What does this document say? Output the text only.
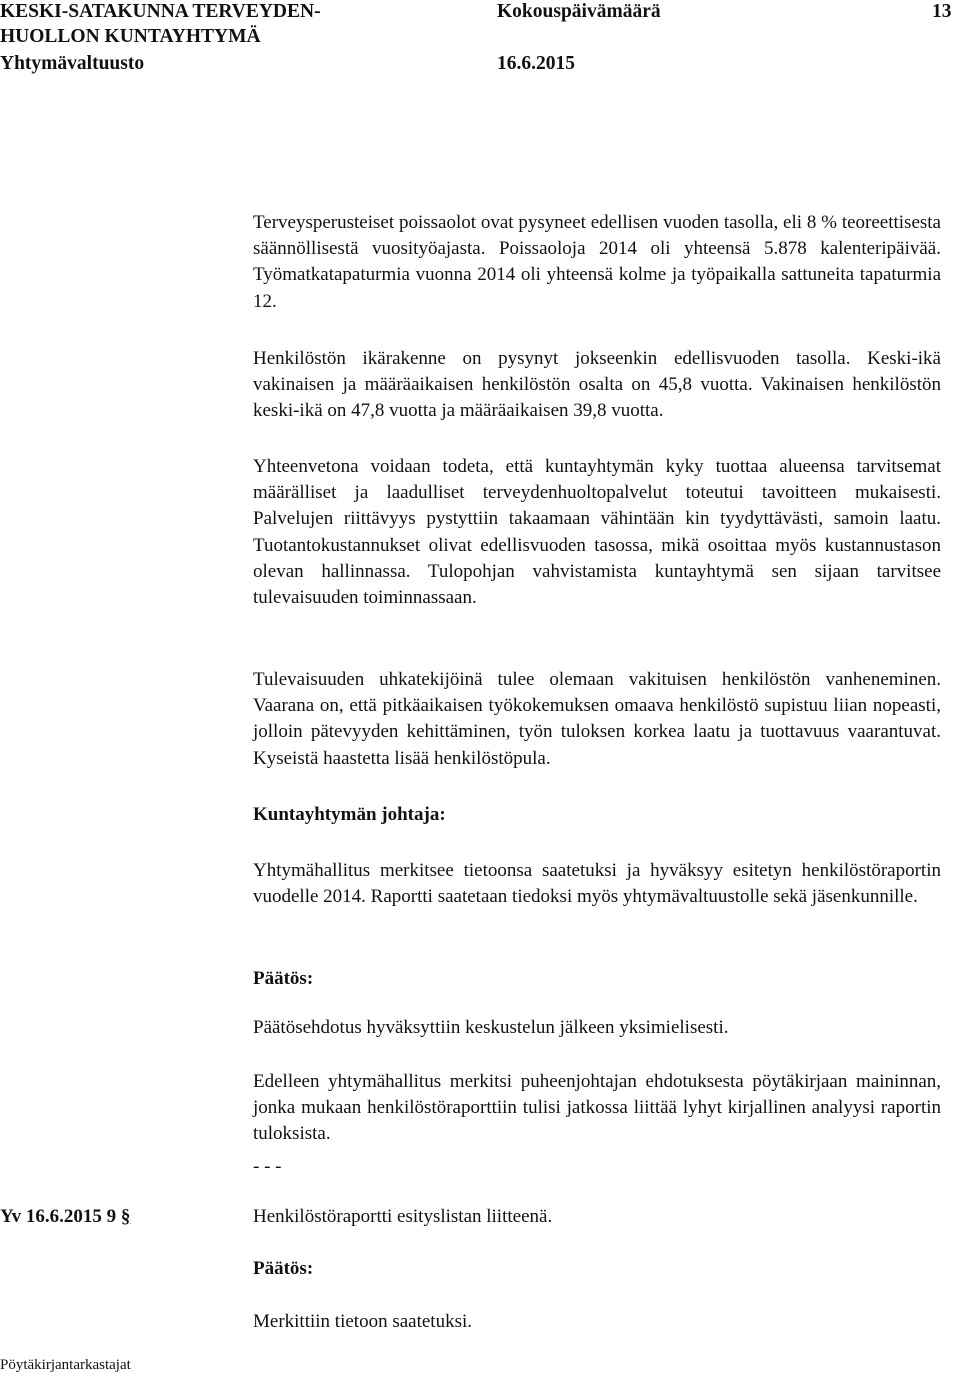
KESKI-SATAKUNNA TERVEYDEN-
HUOLLON KUNTAYHTYMÄ
Yhtymävaltuusto
Kokouspäivämäärä
16.6.2015
13
Terveysperusteiset poissaolot ovat pysyneet edellisen vuoden tasolla, eli 8 % teoreettisesta säännöllisestä vuosityöajasta. Poissaoloja 2014 oli yhteensä 5.878 kalenteripäivää. Työmatkatapaturmia vuonna 2014 oli yhteensä kolme ja työpaikalla sattuneita tapaturmia 12.
Henkilöstön ikärakenne on pysynyt jokseenkin edellisvuoden tasolla. Keski-ikä vakinaisen ja määräaikaisen henkilöstön osalta on 45,8 vuotta. Vakinaisen henkilöstön keski-ikä on 47,8 vuotta ja määräaikaisen 39,8 vuotta.
Yhteenvetona voidaan todeta, että kuntayhtymän kyky tuottaa alueensa tarvitsemat määrälliset ja laadulliset terveydenhuoltopalvelut toteutui tavoitteen mukaisesti. Palvelujen riittävyys pystyttiin takaamaan vähintään kin tyydyttävästi, samoin laatu. Tuotantokustannukset olivat edellisvuoden tasossa, mikä osoittaa myös kustannustason olevan hallinnassa. Tulopohjan vahvistamista kuntayhtymä sen sijaan tarvitsee tulevaisuuden toiminnassaan.
Tulevaisuuden uhkatekijöinä tulee olemaan vakituisen henkilöstön vanheneminen. Vaarana on, että pitkäaikaisen työkokemuksen omaava henkilöstö supistuu liian nopeasti, jolloin pätevyyden kehittäminen, työn tuloksen korkea laatu ja tuottavuus vaarantuvat. Kyseistä haastetta lisää henkilöstöpula.
Kuntayhtymän johtaja:
Yhtymähallitus merkitsee tietoonsa saatetuksi ja hyväksyy esitetyn henkilöstöraportin vuodelle 2014. Raportti saatetaan tiedoksi myös yhtymävaltuustolle sekä jäsenkunnille.
Päätös:
Päätösehdotus hyväksyttiin keskustelun jälkeen yksimielisesti.
Edelleen yhtymähallitus merkitsi puheenjohtajan ehdotuksesta pöytäkirjaan maininnan, jonka mukaan henkilöstöraporttiin tulisi jatkossa liittää lyhyt kirjallinen analyysi raportin tuloksista.
- - -
Yv 16.6.2015 9 §	Henkilöstöraportti esityslistan liitteenä.
Päätös:
Merkittiin tietoon saatetuksi.
Pöytäkirjantarkastajat
